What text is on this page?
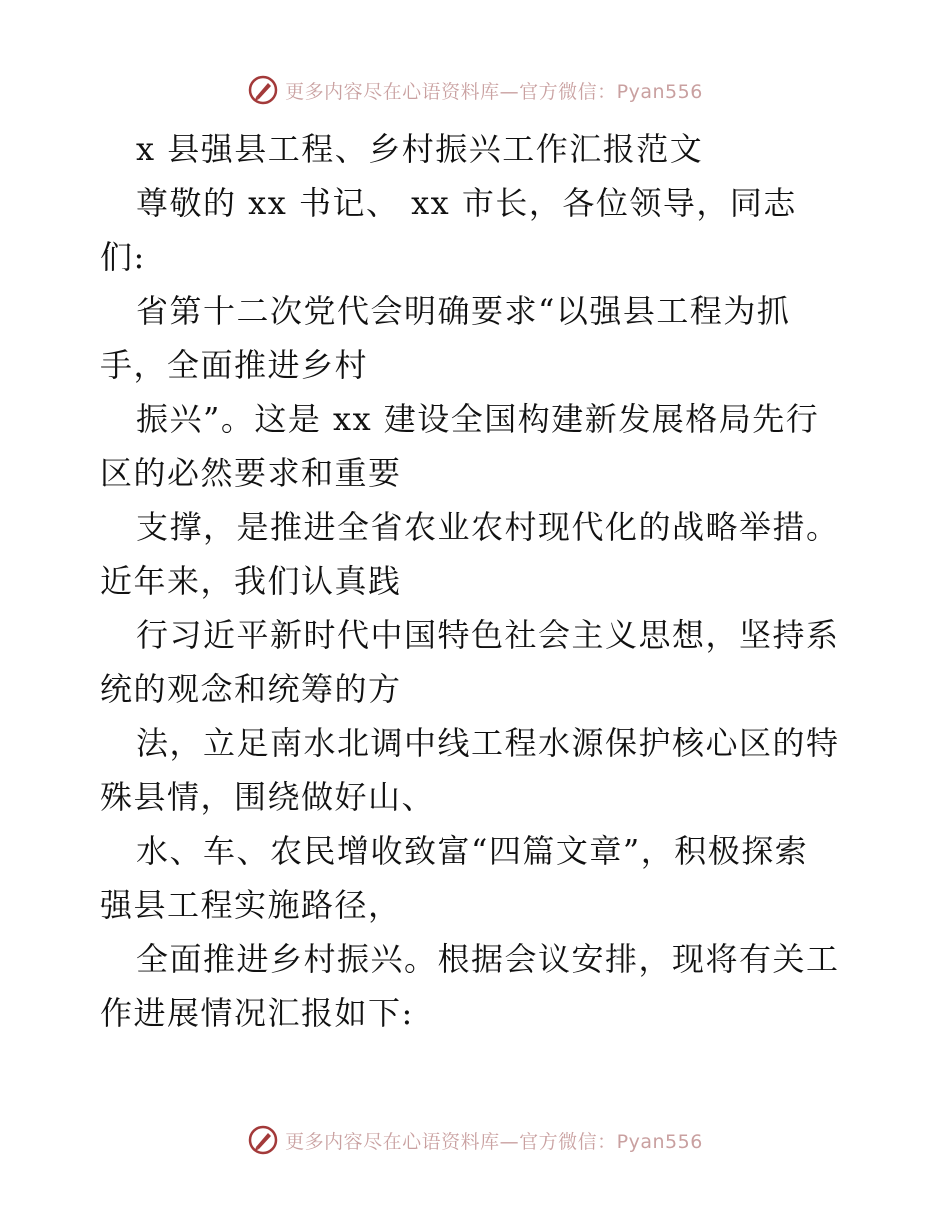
更多内容尽在心语资料库—官方微信：Pyan556
x 县强县工程、乡村振兴工作汇报范文
尊敬的 xx 书记、 xx 市长，各位领导，同志
们:
省第十二次党代会明确要求“以强县工程为抓
手，全面推进乡村
振兴”。这是 xx 建设全国构建新发展格局先行
区的必然要求和重要
支撑，是推进全省农业农村现代化的战略举措。
近年来，我们认真践
行习近平新时代中国特色社会主义思想，坚持系
统的观念和统筹的方
法，立足南水北调中线工程水源保护核心区的特
殊县情，围绕做好山、
水、车、农民增收致富“四篇文章”，积极探索
强县工程实施路径，
全面推进乡村振兴。根据会议安排，现将有关工
作进展情况汇报如下:
更多内容尽在心语资料库—官方微信：Pyan556
